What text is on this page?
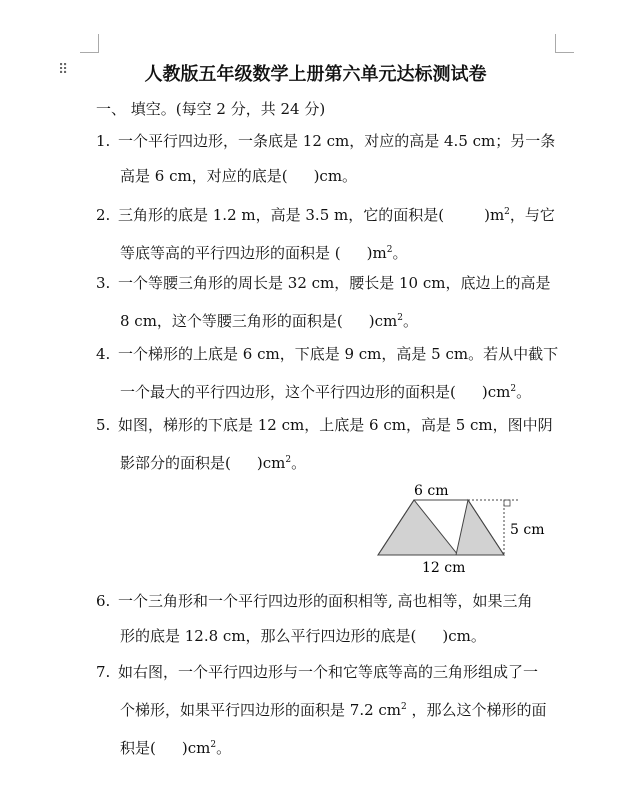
⠿	人教版五年级数学上册第六单元达标测试卷
一、 填空。(每空 2 分，共 24 分)
1. 一个平行四边形，一条底是 12 cm，对应的高是 4.5 cm；另一条
高是 6 cm，对应的底是( )cm。
2. 三角形的底是 1.2 m，高是 3.5 m，它的面积是(	)$m^2$，与它
等底等高的平行四边形的面积是 ( )$m^2$。
3. 一个等腰三角形的周长是 32 cm，腰长是 10 cm，底边上的高是
8 cm，这个等腰三角形的面积是( )$cm^2$。
4. 一个梯形的上底是 6 cm，下底是 9 cm，高是 5 cm。若从中截下
一个最大的平行四边形，这个平行四边形的面积是( )$cm^2$。
5. 如图，梯形的下底是 12 cm，上底是 6 cm，高是 5 cm，图中阴
影部分的面积是( )$cm^2$。
6 cm
12 cm
5 cm
6. 一个三角形和一个平行四边形的面积相等, 高也相等，如果三角
形的底是 12.8 cm，那么平行四边形的底是( )cm。
7. 如右图，一个平行四边形与一个和它等底等高的三角形组成了一
个梯形，如果平行四边形的面积是 7.2 $cm^2$ ，那么这个梯形的面
积是( )$cm^2$。
